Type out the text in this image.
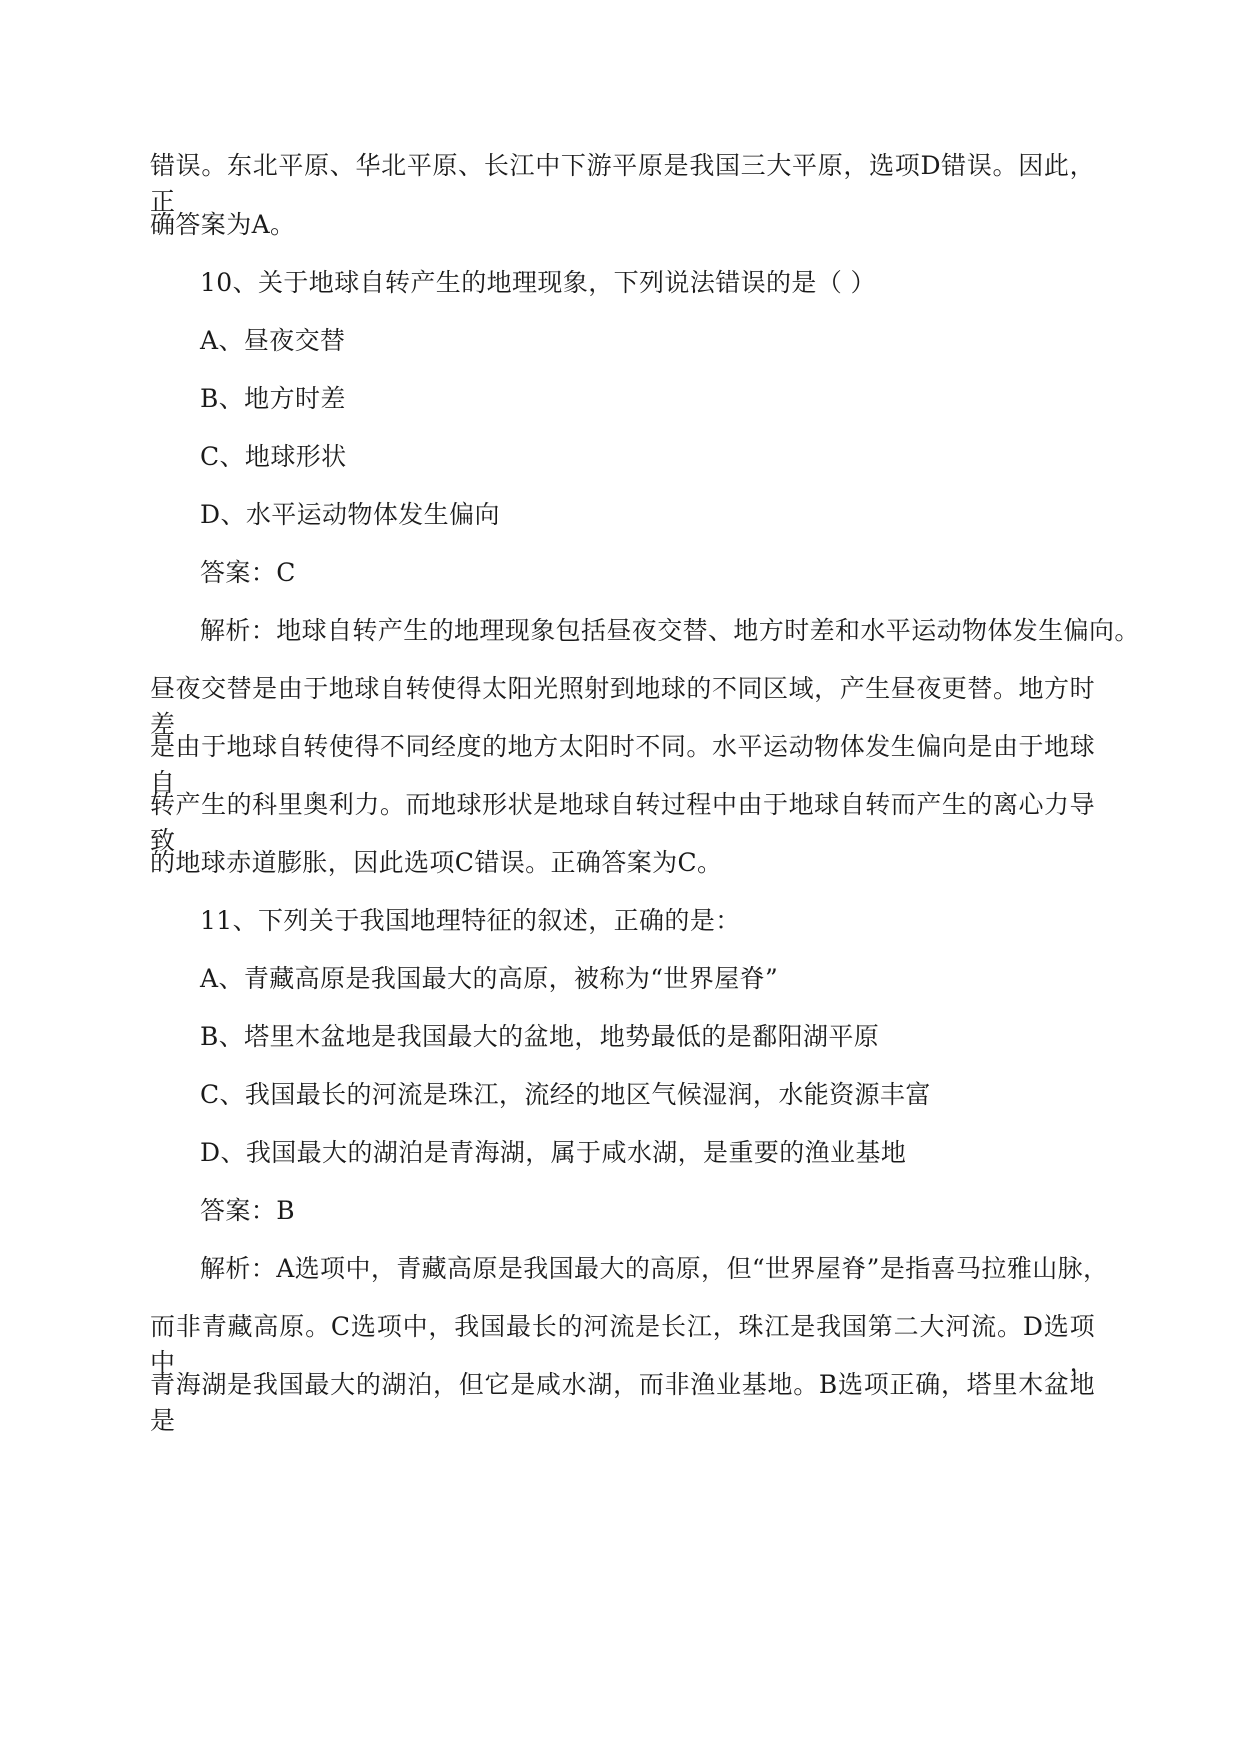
错误。东北平原、华北平原、长江中下游平原是我国三大平原，选项D错误。因此，正
确答案为A。
10、关于地球自转产生的地理现象，下列说法错误的是（ ）
A、昼夜交替
B、地方时差
C、地球形状
D、水平运动物体发生偏向
答案：C
解析：地球自转产生的地理现象包括昼夜交替、地方时差和水平运动物体发生偏向。
昼夜交替是由于地球自转使得太阳光照射到地球的不同区域，产生昼夜更替。地方时差
是由于地球自转使得不同经度的地方太阳时不同。水平运动物体发生偏向是由于地球自
转产生的科里奥利力。而地球形状是地球自转过程中由于地球自转而产生的离心力导致
的地球赤道膨胀，因此选项C错误。正确答案为C。
11、下列关于我国地理特征的叙述，正确的是：
A、青藏高原是我国最大的高原，被称为“世界屋脊”
B、塔里木盆地是我国最大的盆地，地势最低的是鄱阳湖平原
C、我国最长的河流是珠江，流经的地区气候湿润，水能资源丰富
D、我国最大的湖泊是青海湖，属于咸水湖，是重要的渔业基地
答案：B
解析：A选项中，青藏高原是我国最大的高原，但“世界屋脊”是指喜马拉雅山脉，
而非青藏高原。C选项中，我国最长的河流是长江，珠江是我国第二大河流。D选项中，
青海湖是我国最大的湖泊，但它是咸水湖，而非渔业基地。B选项正确，塔里木盆地是
